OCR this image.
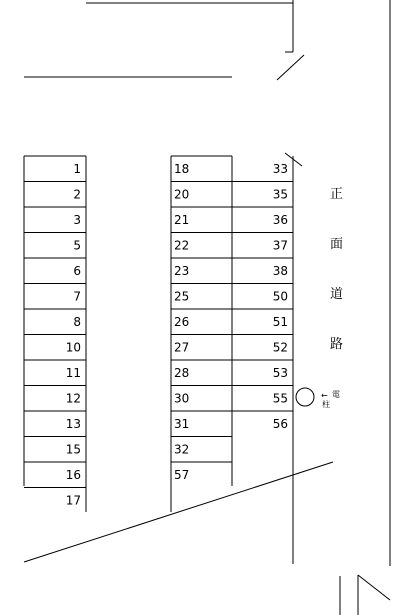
1
2
3
5
6
7
8
10
11
12
13
15
16
17
18
20
21
22
23
25
26
27
28
30
31
32
57
33
35
36
37
38
50
51
52
53
55
56
正
面
道
路
← 電
柱
